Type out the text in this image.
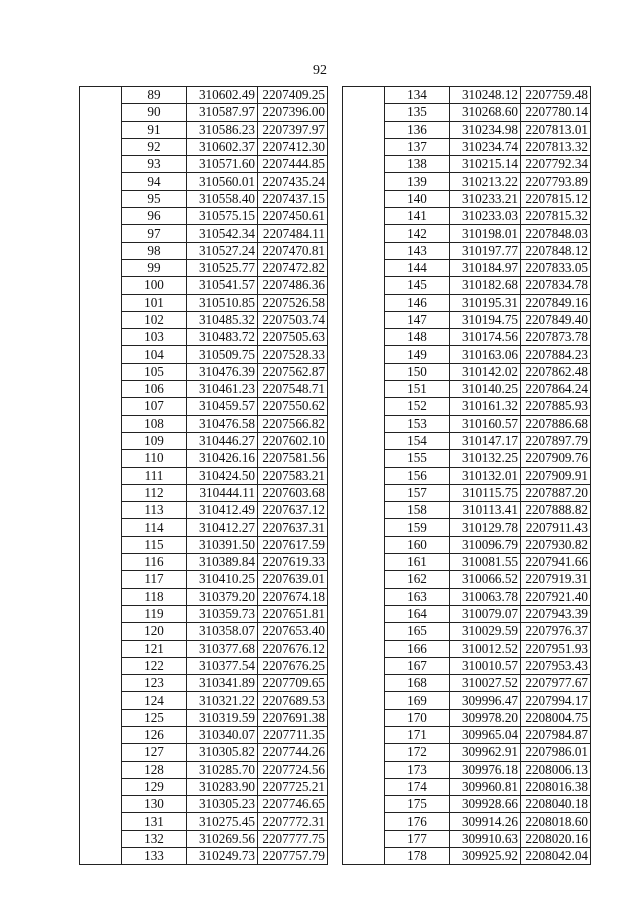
92
	89	310602.49	2207409.25
	90	310587.97	2207396.00
	91	310586.23	2207397.97
	92	310602.37	2207412.30
	93	310571.60	2207444.85
	94	310560.01	2207435.24
	95	310558.40	2207437.15
	96	310575.15	2207450.61
	97	310542.34	2207484.11
	98	310527.24	2207470.81
	99	310525.77	2207472.82
	100	310541.57	2207486.36
	101	310510.85	2207526.58
	102	310485.32	2207503.74
	103	310483.72	2207505.63
	104	310509.75	2207528.33
	105	310476.39	2207562.87
	106	310461.23	2207548.71
	107	310459.57	2207550.62
	108	310476.58	2207566.82
	109	310446.27	2207602.10
	110	310426.16	2207581.56
	111	310424.50	2207583.21
	112	310444.11	2207603.68
	113	310412.49	2207637.12
	114	310412.27	2207637.31
	115	310391.50	2207617.59
	116	310389.84	2207619.33
	117	310410.25	2207639.01
	118	310379.20	2207674.18
	119	310359.73	2207651.81
	120	310358.07	2207653.40
	121	310377.68	2207676.12
	122	310377.54	2207676.25
	123	310341.89	2207709.65
	124	310321.22	2207689.53
	125	310319.59	2207691.38
	126	310340.07	2207711.35
	127	310305.82	2207744.26
	128	310285.70	2207724.56
	129	310283.90	2207725.21
	130	310305.23	2207746.65
	131	310275.45	2207772.31
	132	310269.56	2207777.75
	133	310249.73	2207757.79
	134	310248.12	2207759.48
	135	310268.60	2207780.14
	136	310234.98	2207813.01
	137	310234.74	2207813.32
	138	310215.14	2207792.34
	139	310213.22	2207793.89
	140	310233.21	2207815.12
	141	310233.03	2207815.32
	142	310198.01	2207848.03
	143	310197.77	2207848.12
	144	310184.97	2207833.05
	145	310182.68	2207834.78
	146	310195.31	2207849.16
	147	310194.75	2207849.40
	148	310174.56	2207873.78
	149	310163.06	2207884.23
	150	310142.02	2207862.48
	151	310140.25	2207864.24
	152	310161.32	2207885.93
	153	310160.57	2207886.68
	154	310147.17	2207897.79
	155	310132.25	2207909.76
	156	310132.01	2207909.91
	157	310115.75	2207887.20
	158	310113.41	2207888.82
	159	310129.78	2207911.43
	160	310096.79	2207930.82
	161	310081.55	2207941.66
	162	310066.52	2207919.31
	163	310063.78	2207921.40
	164	310079.07	2207943.39
	165	310029.59	2207976.37
	166	310012.52	2207951.93
	167	310010.57	2207953.43
	168	310027.52	2207977.67
	169	309996.47	2207994.17
	170	309978.20	2208004.75
	171	309965.04	2207984.87
	172	309962.91	2207986.01
	173	309976.18	2208006.13
	174	309960.81	2208016.38
	175	309928.66	2208040.18
	176	309914.26	2208018.60
	177	309910.63	2208020.16
	178	309925.92	2208042.04
